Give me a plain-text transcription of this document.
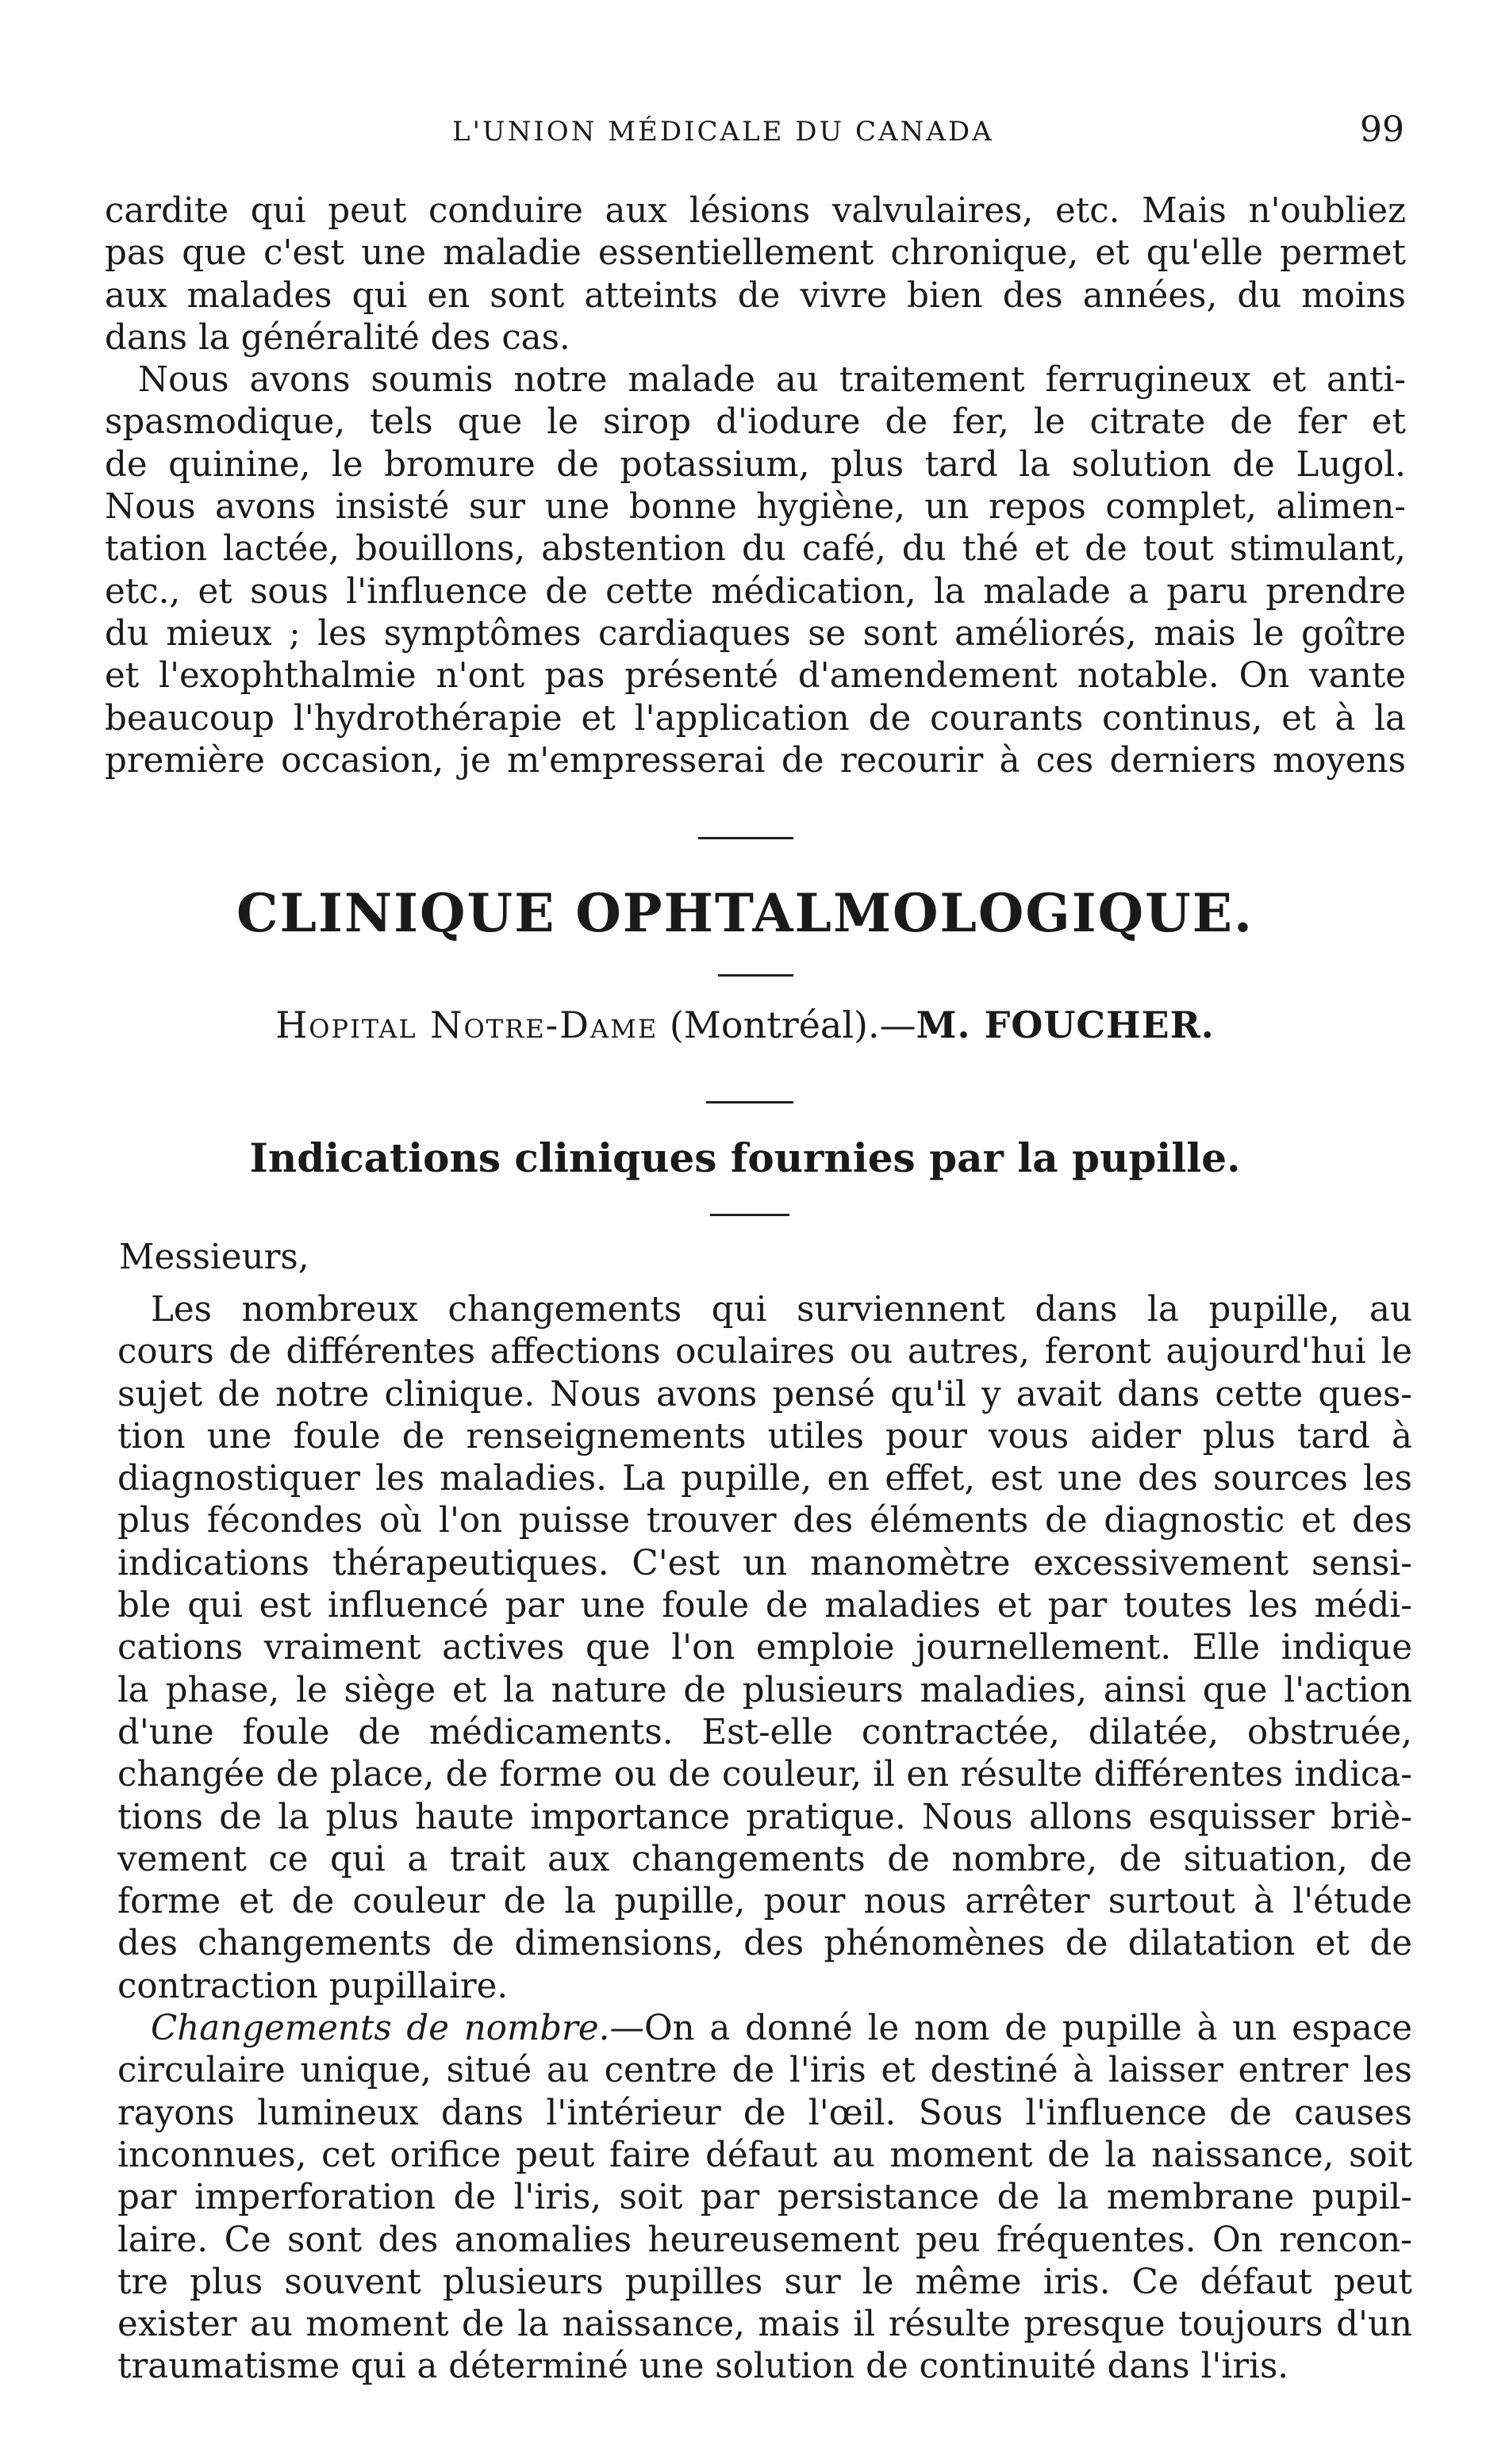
L'UNION MÉDICALE DU CANADA	99
cardite qui peut conduire aux lésions valvulaires, etc. Mais n'oubliez
pas que c'est une maladie essentiellement chronique, et qu'elle permet
aux malades qui en sont atteints de vivre bien des années, du moins
dans la généralité des cas.
Nous avons soumis notre malade au traitement ferrugineux et anti-
spasmodique, tels que le sirop d'iodure de fer, le citrate de fer et
de quinine, le bromure de potassium, plus tard la solution de Lugol.
Nous avons insisté sur une bonne hygiène, un repos complet, alimen-
tation lactée, bouillons, abstention du café, du thé et de tout stimulant,
etc., et sous l'influence de cette médication, la malade a paru prendre
du mieux ; les symptômes cardiaques se sont améliorés, mais le goître
et l'exophthalmie n'ont pas présenté d'amendement notable. On vante
beaucoup l'hydrothérapie et l'application de courants continus, et à la
première occasion, je m'empresserai de recourir à ces derniers moyens
CLINIQUE OPHTALMOLOGIQUE.
Hopital Notre-Dame (Montréal).—M. FOUCHER.
Indications cliniques fournies par la pupille.
Messieurs,
Les nombreux changements qui surviennent dans la pupille, au
cours de différentes affections oculaires ou autres, feront aujourd'hui le
sujet de notre clinique. Nous avons pensé qu'il y avait dans cette ques-
tion une foule de renseignements utiles pour vous aider plus tard à
diagnostiquer les maladies. La pupille, en effet, est une des sources les
plus fécondes où l'on puisse trouver des éléments de diagnostic et des
indications thérapeutiques. C'est un manomètre excessivement sensi-
ble qui est influencé par une foule de maladies et par toutes les médi-
cations vraiment actives que l'on emploie journellement. Elle indique
la phase, le siège et la nature de plusieurs maladies, ainsi que l'action
d'une foule de médicaments. Est-elle contractée, dilatée, obstruée,
changée de place, de forme ou de couleur, il en résulte différentes indica-
tions de la plus haute importance pratique. Nous allons esquisser briè-
vement ce qui a trait aux changements de nombre, de situation, de
forme et de couleur de la pupille, pour nous arrêter surtout à l'étude
des changements de dimensions, des phénomènes de dilatation et de
contraction pupillaire.
Changements de nombre.—On a donné le nom de pupille à un espace
circulaire unique, situé au centre de l'iris et destiné à laisser entrer les
rayons lumineux dans l'intérieur de l'œil. Sous l'influence de causes
inconnues, cet orifice peut faire défaut au moment de la naissance, soit
par imperforation de l'iris, soit par persistance de la membrane pupil-
laire. Ce sont des anomalies heureusement peu fréquentes. On rencon-
tre plus souvent plusieurs pupilles sur le même iris. Ce défaut peut
exister au moment de la naissance, mais il résulte presque toujours d'un
traumatisme qui a déterminé une solution de continuité dans l'iris.
